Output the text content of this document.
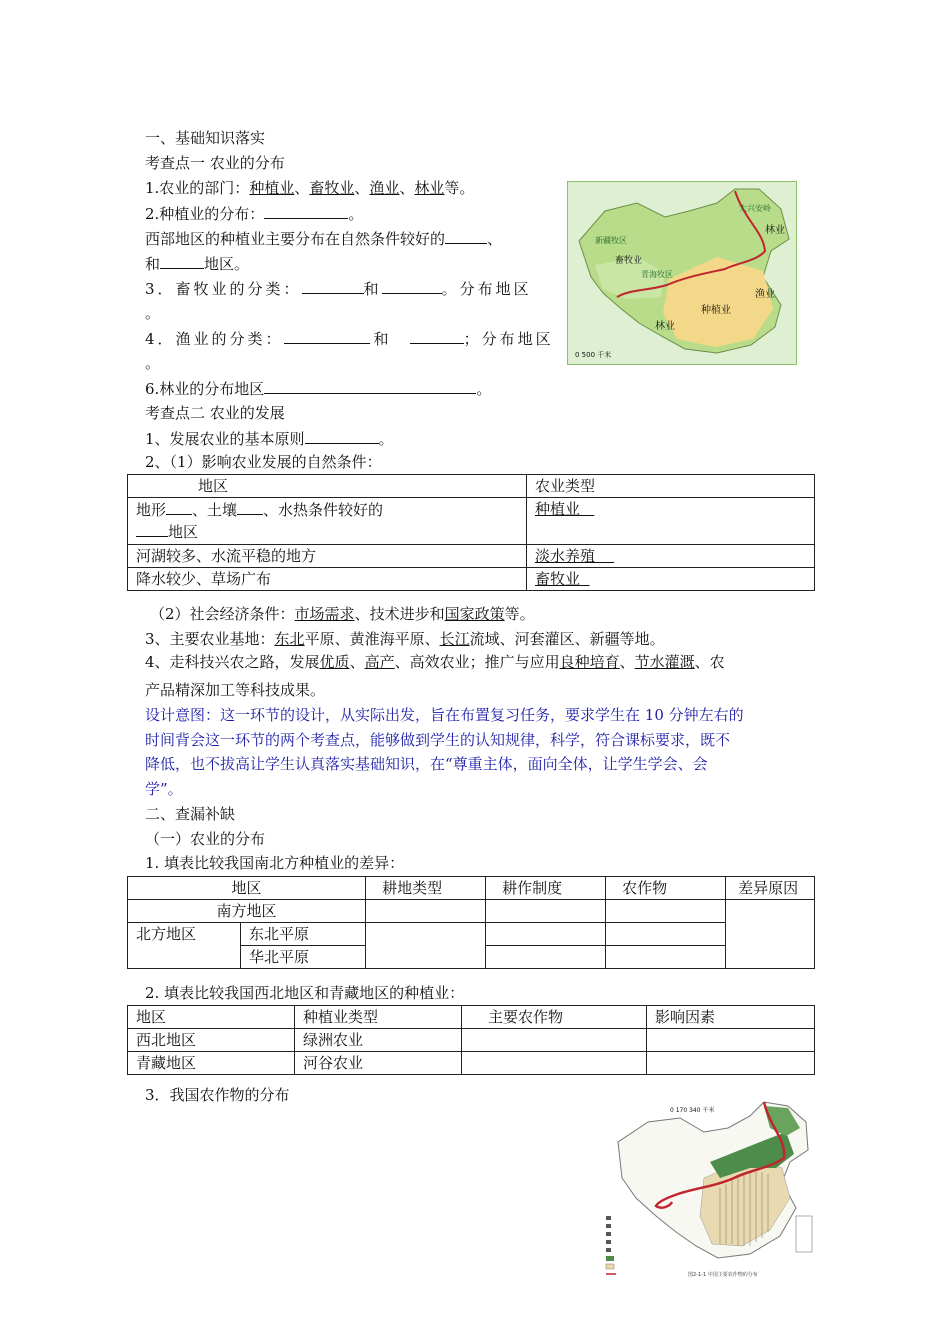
一、基础知识落实
考查点一 农业的分布
1.农业的部门：种植业、畜牧业、渔业、林业等。
2.种植业的分布：	。
西部地区的种植业主要分布在自然条件较好的	、
和	地区。
3．畜牧业的分类：	和	。分布地区
。
4．渔业的分类：	和	；分布地区
。
6.林业的分布地区	。
考查点二 农业的发展
1、发展农业的基本原则	。
2、（1）影响农业发展的自然条件：
林业
新疆牧区
畜牧业
青海牧区
种植业
渔业
林业
大兴安岭
0 500 千米
地区	农业类型
地形 、土壤 、水热条件较好的
地区	种植业
河湖较多、水流平稳的地方	淡水养殖
降水较少、草场广布	畜牧业
（2）社会经济条件：市场需求、技术进步和国家政策等。
3、主要农业基地：东北平原、黄淮海平原、长江流域、河套灌区、新疆等地。
4、走科技兴农之路，发展优质、高产、高效农业；推广与应用良种培育、节水灌溉、农
产品精深加工等科技成果。
设计意图：这一环节的设计，从实际出发，旨在布置复习任务，要求学生在 10 分钟左右的
时间背会这一环节的两个考查点，能够做到学生的认知规律，科学，符合课标要求，既不
降低，也不拔高让学生认真落实基础知识，在“尊重主体，面向全体，让学生学会、会
学”。
二、查漏补缺
（一）农业的分布
1. 填表比较我国南北方种植业的差异：
地区		耕地类型	耕作制度	农作物	差异原因
南方地区					
北方地区	东北平原				
	华北平原				
2. 填表比较我国西北地区和青藏地区的种植业：
地区	种植业类型	主要农作物	影响因素
西北地区	绿洲农业		
青藏地区	河谷农业		
3．我国农作物的分布
0 170 340 千米
图2-1-1 中国主要农作物的分布
